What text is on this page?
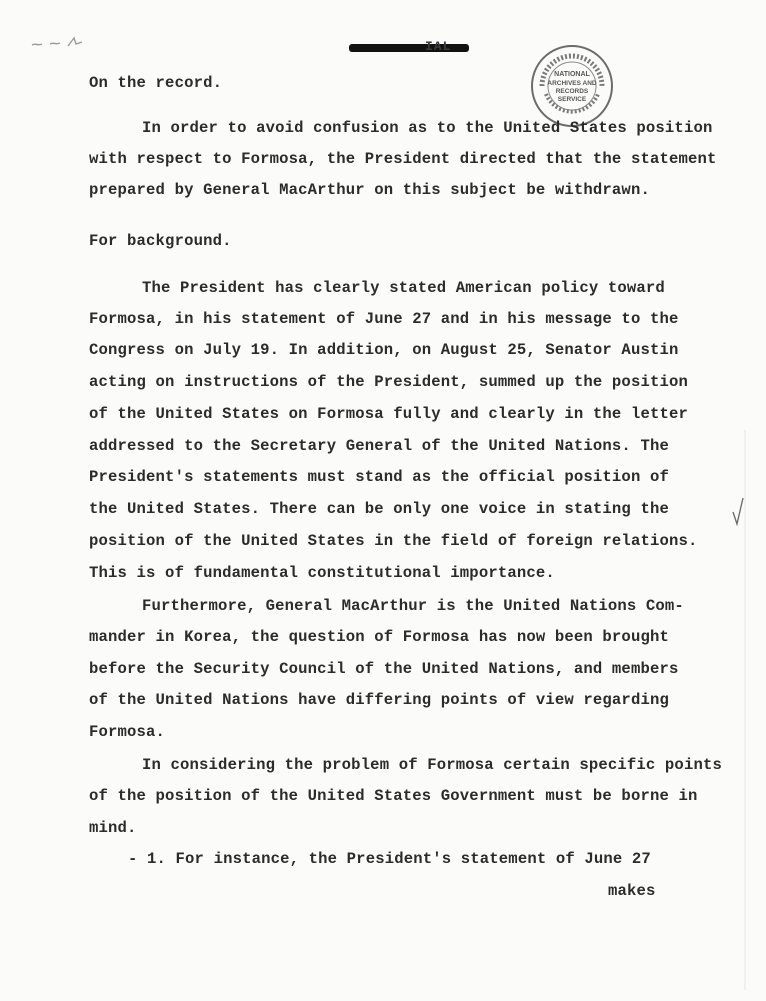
IAL
NATIONAL
ARCHIVES AND
RECORDS
SERVICE
On the record.
In order to avoid confusion as to the United States position
with respect to Formosa, the President directed that the statement
prepared by General MacArthur on this subject be withdrawn.
For background.
The President has clearly stated American policy toward
Formosa, in his statement of June 27 and in his message to the
Congress on July 19. In addition, on August 25, Senator Austin
acting on instructions of the President, summed up the position
of the United States on Formosa fully and clearly in the letter
addressed to the Secretary General of the United Nations. The
President's statements must stand as the official position of
the United States. There can be only one voice in stating the
position of the United States in the field of foreign relations.
This is of fundamental constitutional importance.
Furthermore, General MacArthur is the United Nations Com-
mander in Korea, the question of Formosa has now been brought
before the Security Council of the United Nations, and members
of the United Nations have differing points of view regarding
Formosa.
In considering the problem of Formosa certain specific points
of the position of the United States Government must be borne in
mind.
- 1. For instance, the President's statement of June 27
makes
